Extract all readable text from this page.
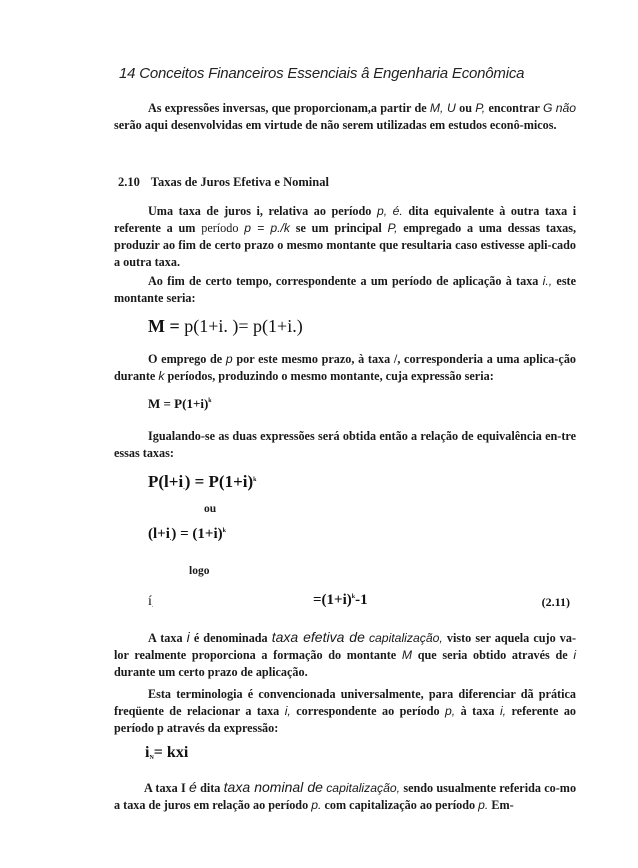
14 Conceitos Financeiros Essenciais â Engenharia Econômica

As expressões inversas, que proporcionam,a partir de M, U ou P, encontrar G não serão aqui desenvolvidas em virtude de não serem utilizadas em estudos econô-micos.

2.10 Taxas de Juros Efetiva e Nominal

Uma taxa de juros i, relativa ao período p, é. dita equivalente à outra taxa i referente a um período p = p./k se um principal P, empregado a uma dessas taxas, produzir ao fim de certo prazo o mesmo montante que resultaria caso estivesse apli-cado a outra taxa.

Ao fim de certo tempo, correspondente a um período de aplicação à taxa i., este montante seria:

M = p(1+i. )= p(1+i.)

O emprego de p por este mesmo prazo, à taxa /, corresponderia a uma aplica-ção durante k períodos, produzindo o mesmo montante, cuja expressão seria:

$M = P(1+i)^k$

Igualando-se as duas expressões será obtida então a relação de equivalência en-tre essas taxas:

$P(l+i_.) = P(1+i)^k$
ou
$(l+i_.) = (1+i)^k$
logo
$í_.$	$=(1+i)^k-1$	(2.11)

A taxa i é denominada taxa efetiva de capitalização, visto ser aquela cujo va-lor realmente proporciona a formação do montante M que seria obtido através de i durante um certo prazo de aplicação.

Esta terminologia é convencionada universalmente, para diferenciar dã prática freqüente de relacionar a taxa i, correspondente ao período p, à taxa i, referente ao período p através da expressão:

$i_N=$ kxi

A taxa I é dita taxa nominal de capitalização, sendo usualmente referida co-mo a taxa de juros em relação ao período p. com capitalização ao período p. Em-
